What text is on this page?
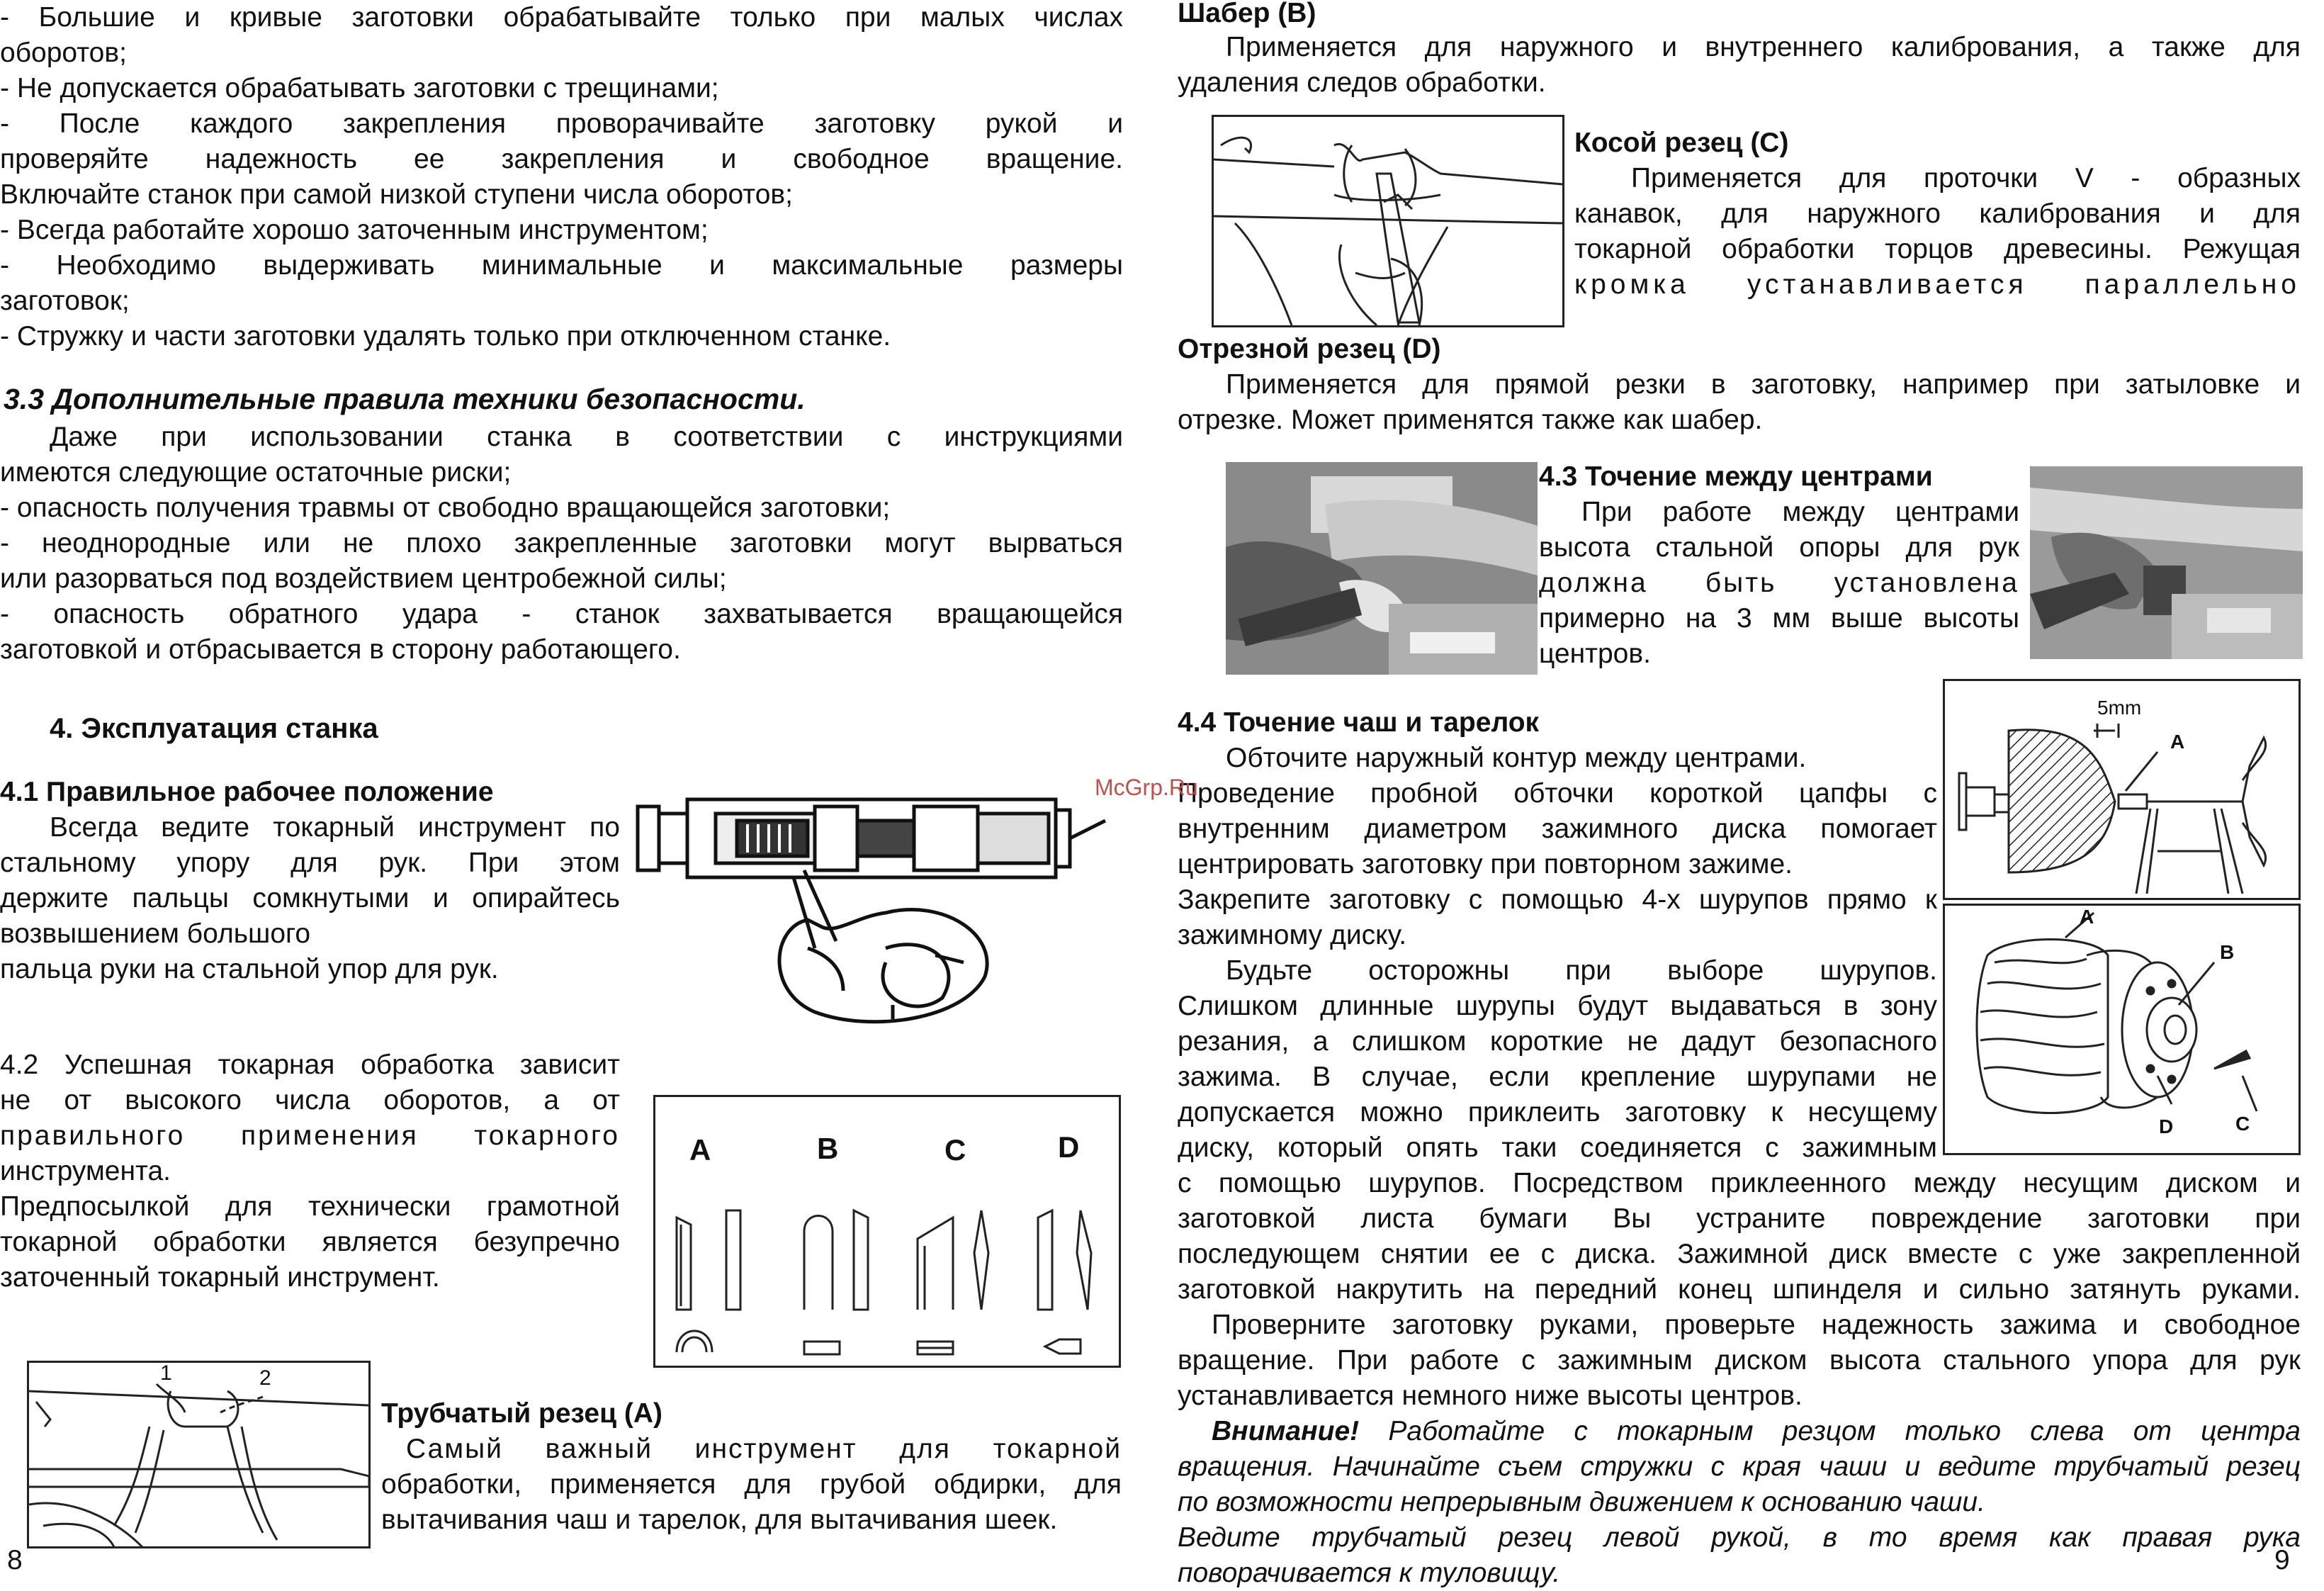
- Большие и кривые заготовки обрабатывайте только при малых числах

оборотов;

- Не допускается обрабатывать заготовки с трещинами;

- После каждого закрепления проворачивайте заготовку рукой и

проверяйте надежность ее закрепления и свободное вращение.

Включайте станок при самой низкой ступени числа оборотов;

- Всегда работайте хорошо заточенным инструментом;

- Необходимо выдерживать минимальные и максимальные размеры

заготовок;

- Стружку и части заготовки удалять только при отключенном станке.

3.3 Дополнительные правила техники безопасности.

Даже при использовании станка в соответствии с инструкциями

имеются следующие остаточные риски;

- опасность получения травмы от свободно вращающейся заготовки;

- неоднородные или не плохо закрепленные заготовки могут вырваться

или разорваться под воздействием центробежной силы;

- опасность обратного удара - станок захватывается вращающейся

заготовкой и отбрасывается в сторону работающего.

4. Эксплуатация станка
4.1 Правильное рабочее положение

Всегда ведите токарный инструмент по

стальному упору для рук. При этом

держите пальцы сомкнутыми и опирайтесь

возвышением большого

пальца руки на стальной упор для рук.

4.2 Успешная токарная обработка зависит

не от высокого числа оборотов, а от

правильного применения токарного

инструмента.

Предпосылкой для технически грамотной

токарной обработки является безупречно

заточенный токарный инструмент.

A	B	C	D
1	2
Трубчатый резец (A)

Самый важный инструмент для токарной

обработки, применяется для грубой обдирки, для

вытачивания чаш и тарелок, для вытачивания шеек.

8
Шабер (B)

Применяется для наружного и внутреннего калибрования, а также для

удаления следов обработки.

Косой резец (C)

Применяется для проточки V - образных

канавок, для наружного калибрования и для

токарной обработки торцов древесины. Режущая

кромка устанавливается параллельно

Отрезной резец (D)

Применяется для прямой резки в заготовку, например при затыловке и

отрезке. Может применятся также как шабер.

4.3 Точение между центрами

При работе между центрами

высота стальной опоры для рук

должна быть установлена

примерно на 3 мм выше высоты

центров.

4.4 Точение чаш и тарелок

Обточите наружный контур между центрами.

Проведение пробной обточки короткой цапфы с

внутренним диаметром зажимного диска помогает

центрировать заготовку при повторном зажиме.

Закрепите заготовку с помощью 4-х шурупов прямо к

зажимному диску.

Будьте осторожны при выборе шурупов.

Слишком длинные шурупы будут выдаваться в зону

резания, а слишком короткие не дадут безопасного

зажима. В случае, если крепление шурупами не

допускается можно приклеить заготовку к несущему

диску, который опять таки соединяется с зажимным

McGrp.Ru
5mm
A
A
B
C
D

с помощью шурупов. Посредством приклеенного между несущим диском и

заготовкой листа бумаги Вы устраните повреждение заготовки при

последующем снятии ее с диска. Зажимной диск вместе с уже закрепленной

заготовкой накрутить на передний конец шпинделя и сильно затянуть руками.

Проверните заготовку руками, проверьте надежность зажима и свободное

вращение. При работе с зажимным диском высота стального упора для рук

устанавливается немного ниже высоты центров.

Внимание! Работайте с токарным резцом только слева от центра

вращения. Начинайте съем стружки с края чаши и ведите трубчатый резец

по возможности непрерывным движением к основанию чаши.

Ведите трубчатый резец левой рукой, в то время как правая рука

поворачивается к туловищу.	9
